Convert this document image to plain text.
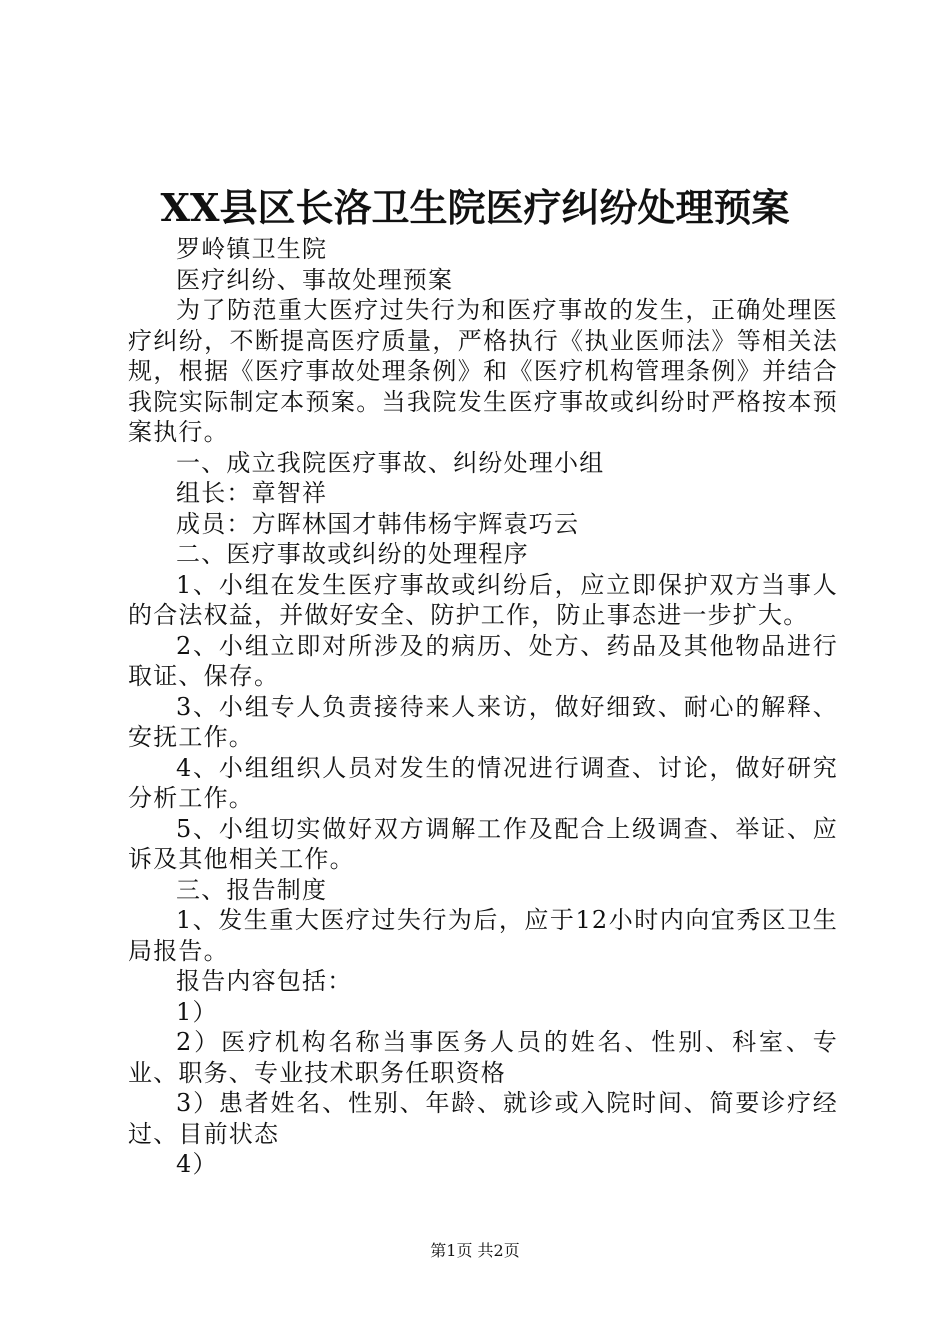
XX县区长洛卫生院医疗纠纷处理预案

罗岭镇卫生院

医疗纠纷、事故处理预案

为了防范重大医疗过失行为和医疗事故的发生，正确处理医疗纠纷，不断提高医疗质量，严格执行《执业医师法》等相关法规，根据《医疗事故处理条例》和《医疗机构管理条例》并结合我院实际制定本预案。当我院发生医疗事故或纠纷时严格按本预案执行。

一、成立我院医疗事故、纠纷处理小组

组长：章智祥

成员：方晖林国才韩伟杨宇辉袁巧云

二、医疗事故或纠纷的处理程序

1、小组在发生医疗事故或纠纷后，应立即保护双方当事人的合法权益，并做好安全、防护工作，防止事态进一步扩大。

2、小组立即对所涉及的病历、处方、药品及其他物品进行取证、保存。

3、小组专人负责接待来人来访，做好细致、耐心的解释、安抚工作。

4、小组组织人员对发生的情况进行调查、讨论，做好研究分析工作。

5、小组切实做好双方调解工作及配合上级调查、举证、应诉及其他相关工作。

三、报告制度

1、发生重大医疗过失行为后，应于12小时内向宜秀区卫生局报告。

报告内容包括：

1）

2）医疗机构名称当事医务人员的姓名、性别、科室、专业、职务、专业技术职务任职资格

3）患者姓名、性别、年龄、就诊或入院时间、简要诊疗经过、目前状态

4）

第1页 共2页
